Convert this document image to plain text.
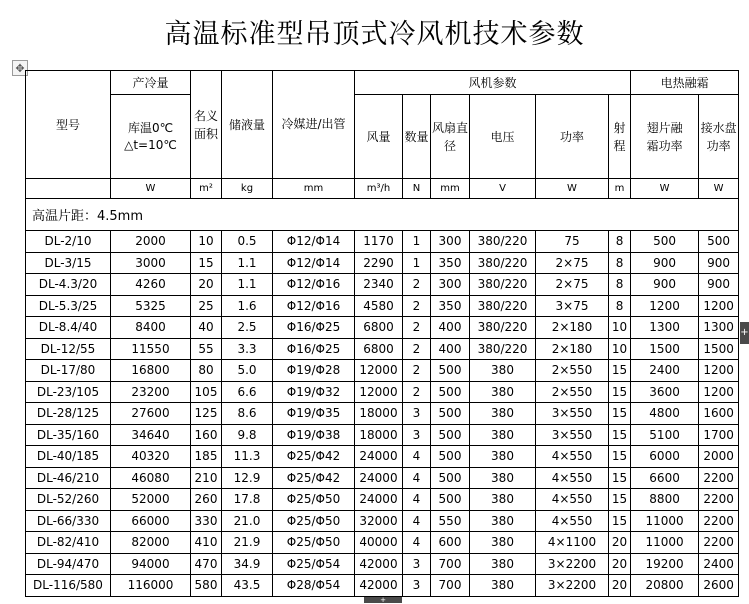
高温标准型吊顶式冷风机技术参数
✥
型号	产冷量	名义面积	储液量	冷媒进/出管	风机参数						电热融霜	
	库温0℃ △t=10℃				风量	数量	风扇直径	电压	功率	射程	翅片融霜功率	接水盘功率
	W	m²	kg	mm	m³/h	N	mm	V	W	m	W	W
高温片距：4.5mm												
DL-2/10	2000	10	0.5	Φ12/Φ14	1170	1	300	380/220	75	8	500	500
DL-3/15	3000	15	1.1	Φ12/Φ14	2290	1	350	380/220	2×75	8	900	900
DL-4.3/20	4260	20	1.1	Φ12/Φ16	2340	2	300	380/220	2×75	8	900	900
DL-5.3/25	5325	25	1.6	Φ12/Φ16	4580	2	350	380/220	3×75	8	1200	1200
DL-8.4/40	8400	40	2.5	Φ16/Φ25	6800	2	400	380/220	2×180	10	1300	1300
DL-12/55	11550	55	3.3	Φ16/Φ25	6800	2	400	380/220	2×180	10	1500	1500
DL-17/80	16800	80	5.0	Φ19/Φ28	12000	2	500	380	2×550	15	2400	1200
DL-23/105	23200	105	6.6	Φ19/Φ32	12000	2	500	380	2×550	15	3600	1200
DL-28/125	27600	125	8.6	Φ19/Φ35	18000	3	500	380	3×550	15	4800	1600
DL-35/160	34640	160	9.8	Φ19/Φ38	18000	3	500	380	3×550	15	5100	1700
DL-40/185	40320	185	11.3	Φ25/Φ42	24000	4	500	380	4×550	15	6000	2000
DL-46/210	46080	210	12.9	Φ25/Φ42	24000	4	500	380	4×550	15	6600	2200
DL-52/260	52000	260	17.8	Φ25/Φ50	24000	4	500	380	4×550	15	8800	2200
DL-66/330	66000	330	21.0	Φ25/Φ50	32000	4	550	380	4×550	15	11000	2200
DL-82/410	82000	410	21.9	Φ25/Φ50	40000	4	600	380	4×1100	20	11000	2200
DL-94/470	94000	470	34.9	Φ25/Φ54	42000	3	700	380	3×2200	20	19200	2400
DL-116/580	116000	580	43.5	Φ28/Φ54	42000	3	700	380	3×2200	20	20800	2600
+
+
